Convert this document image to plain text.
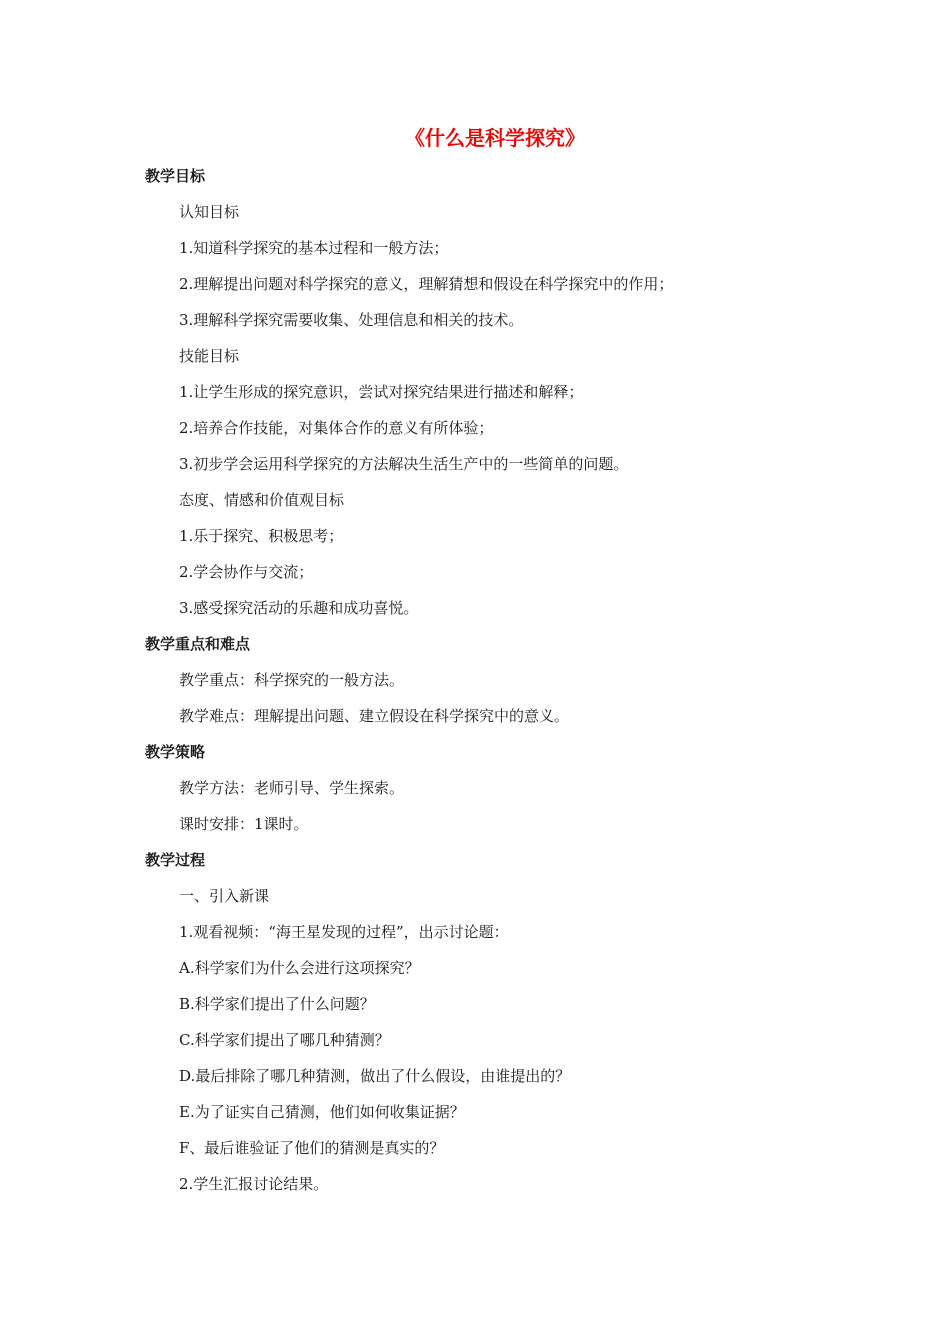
《什么是科学探究》
教学目标
认知目标
1.知道科学探究的基本过程和一般方法；
2.理解提出问题对科学探究的意义，理解猜想和假设在科学探究中的作用；
3.理解科学探究需要收集、处理信息和相关的技术。
技能目标
1.让学生形成的探究意识，尝试对探究结果进行描述和解释；
2.培养合作技能，对集体合作的意义有所体验；
3.初步学会运用科学探究的方法解决生活生产中的一些简单的问题。
态度、情感和价值观目标
1.乐于探究、积极思考；
2.学会协作与交流；
3.感受探究活动的乐趣和成功喜悦。
教学重点和难点
教学重点：科学探究的一般方法。
教学难点：理解提出问题、建立假设在科学探究中的意义。
教学策略
教学方法：老师引导、学生探索。
课时安排：1课时。
教学过程
一、引入新课
1.观看视频：“海王星发现的过程”，出示讨论题：
A.科学家们为什么会进行这项探究？
B.科学家们提出了什么问题？
C.科学家们提出了哪几种猜测？
D.最后排除了哪几种猜测，做出了什么假设，由谁提出的？
E.为了证实自己猜测，他们如何收集证据？
F、最后谁验证了他们的猜测是真实的？
2.学生汇报讨论结果。
